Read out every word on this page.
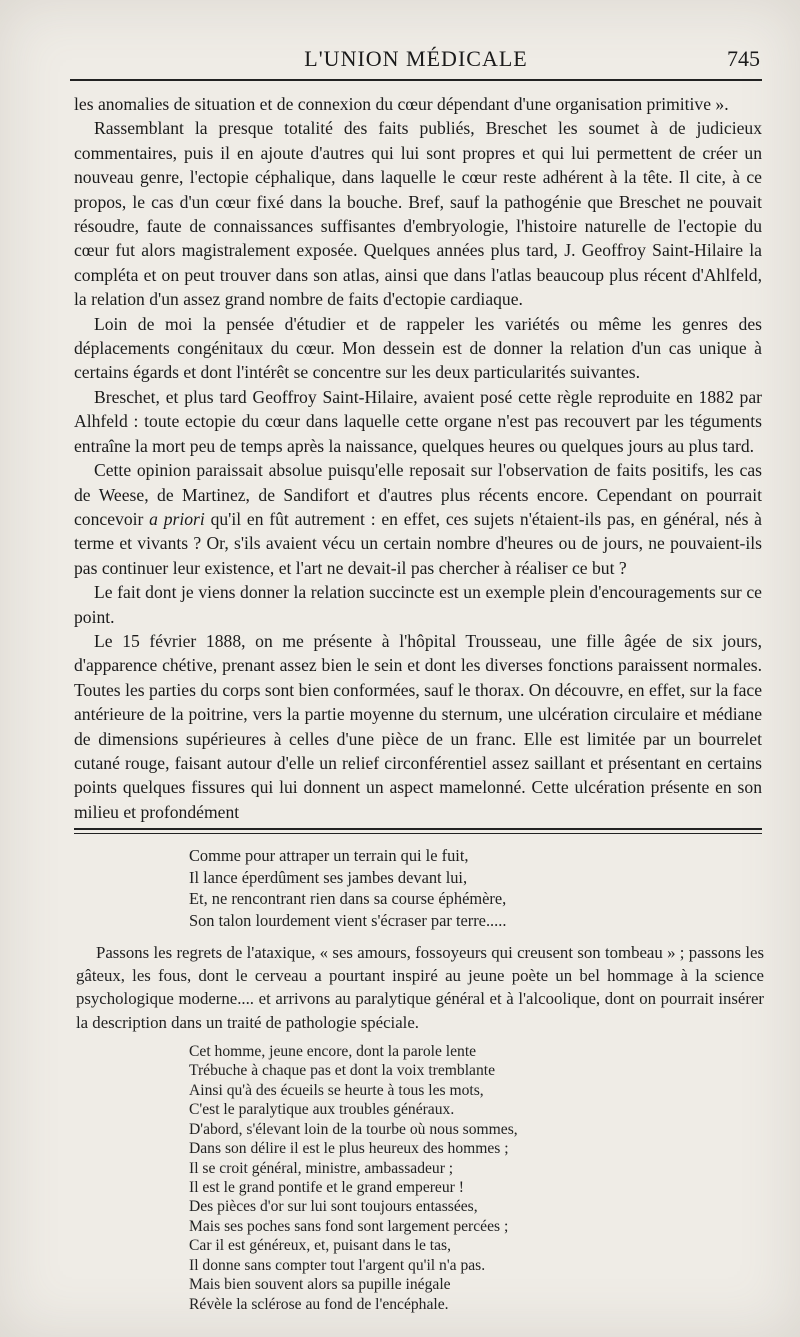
L'UNION MÉDICALE	745

les anomalies de situation et de connexion du cœur dépendant d'une organisation primitive ».

Rassemblant la presque totalité des faits publiés, Breschet les soumet à de judicieux commentaires, puis il en ajoute d'autres qui lui sont propres et qui lui permettent de créer un nouveau genre, l'ectopie céphalique, dans laquelle le cœur reste adhérent à la tête. Il cite, à ce propos, le cas d'un cœur fixé dans la bouche. Bref, sauf la pathogénie que Breschet ne pouvait résoudre, faute de connaissances suffisantes d'embryologie, l'histoire naturelle de l'ectopie du cœur fut alors magistralement exposée. Quelques années plus tard, J. Geoffroy Saint-Hilaire la compléta et on peut trouver dans son atlas, ainsi que dans l'atlas beaucoup plus récent d'Ahlfeld, la relation d'un assez grand nombre de faits d'ectopie cardiaque.

Loin de moi la pensée d'étudier et de rappeler les variétés ou même les genres des déplacements congénitaux du cœur. Mon dessein est de donner la relation d'un cas unique à certains égards et dont l'intérêt se concentre sur les deux particularités suivantes.

Breschet, et plus tard Geoffroy Saint-Hilaire, avaient posé cette règle reproduite en 1882 par Alhfeld : toute ectopie du cœur dans laquelle cette organe n'est pas recouvert par les téguments entraîne la mort peu de temps après la naissance, quelques heures ou quelques jours au plus tard.

Cette opinion paraissait absolue puisqu'elle reposait sur l'observation de faits positifs, les cas de Weese, de Martinez, de Sandifort et d'autres plus récents encore. Cependant on pourrait concevoir a priori qu'il en fût autrement : en effet, ces sujets n'étaient-ils pas, en général, nés à terme et vivants ? Or, s'ils avaient vécu un certain nombre d'heures ou de jours, ne pouvaient-ils pas continuer leur existence, et l'art ne devait-il pas chercher à réaliser ce but ?

Le fait dont je viens donner la relation succincte est un exemple plein d'encouragements sur ce point.

Le 15 février 1888, on me présente à l'hôpital Trousseau, une fille âgée de six jours, d'apparence chétive, prenant assez bien le sein et dont les diverses fonctions paraissent normales. Toutes les parties du corps sont bien conformées, sauf le thorax. On découvre, en effet, sur la face antérieure de la poitrine, vers la partie moyenne du sternum, une ulcération circulaire et médiane de dimensions supérieures à celles d'une pièce de un franc. Elle est limitée par un bourrelet cutané rouge, faisant autour d'elle un relief circonférentiel assez saillant et présentant en certains points quelques fissures qui lui donnent un aspect mamelonné. Cette ulcération présente en son milieu et profondément

Comme pour attraper un terrain qui le fuit,
Il lance éperdûment ses jambes devant lui,
Et, ne rencontrant rien dans sa course éphémère,
Son talon lourdement vient s'écraser par terre.....

Passons les regrets de l'ataxique, « ses amours, fossoyeurs qui creusent son tombeau » ; passons les gâteux, les fous, dont le cerveau a pourtant inspiré au jeune poète un bel hommage à la science psychologique moderne.... et arrivons au paralytique général et à l'alcoolique, dont on pourrait insérer la description dans un traité de pathologie spéciale.

Cet homme, jeune encore, dont la parole lente
Trébuche à chaque pas et dont la voix tremblante
Ainsi qu'à des écueils se heurte à tous les mots,
C'est le paralytique aux troubles généraux.
D'abord, s'élevant loin de la tourbe où nous sommes,
Dans son délire il est le plus heureux des hommes ;
Il se croit général, ministre, ambassadeur ;
Il est le grand pontife et le grand empereur !
Des pièces d'or sur lui sont toujours entassées,
Mais ses poches sans fond sont largement percées ;
Car il est généreux, et, puisant dans le tas,
Il donne sans compter tout l'argent qu'il n'a pas.
Mais bien souvent alors sa pupille inégale
Révèle la sclérose au fond de l'encéphale.
